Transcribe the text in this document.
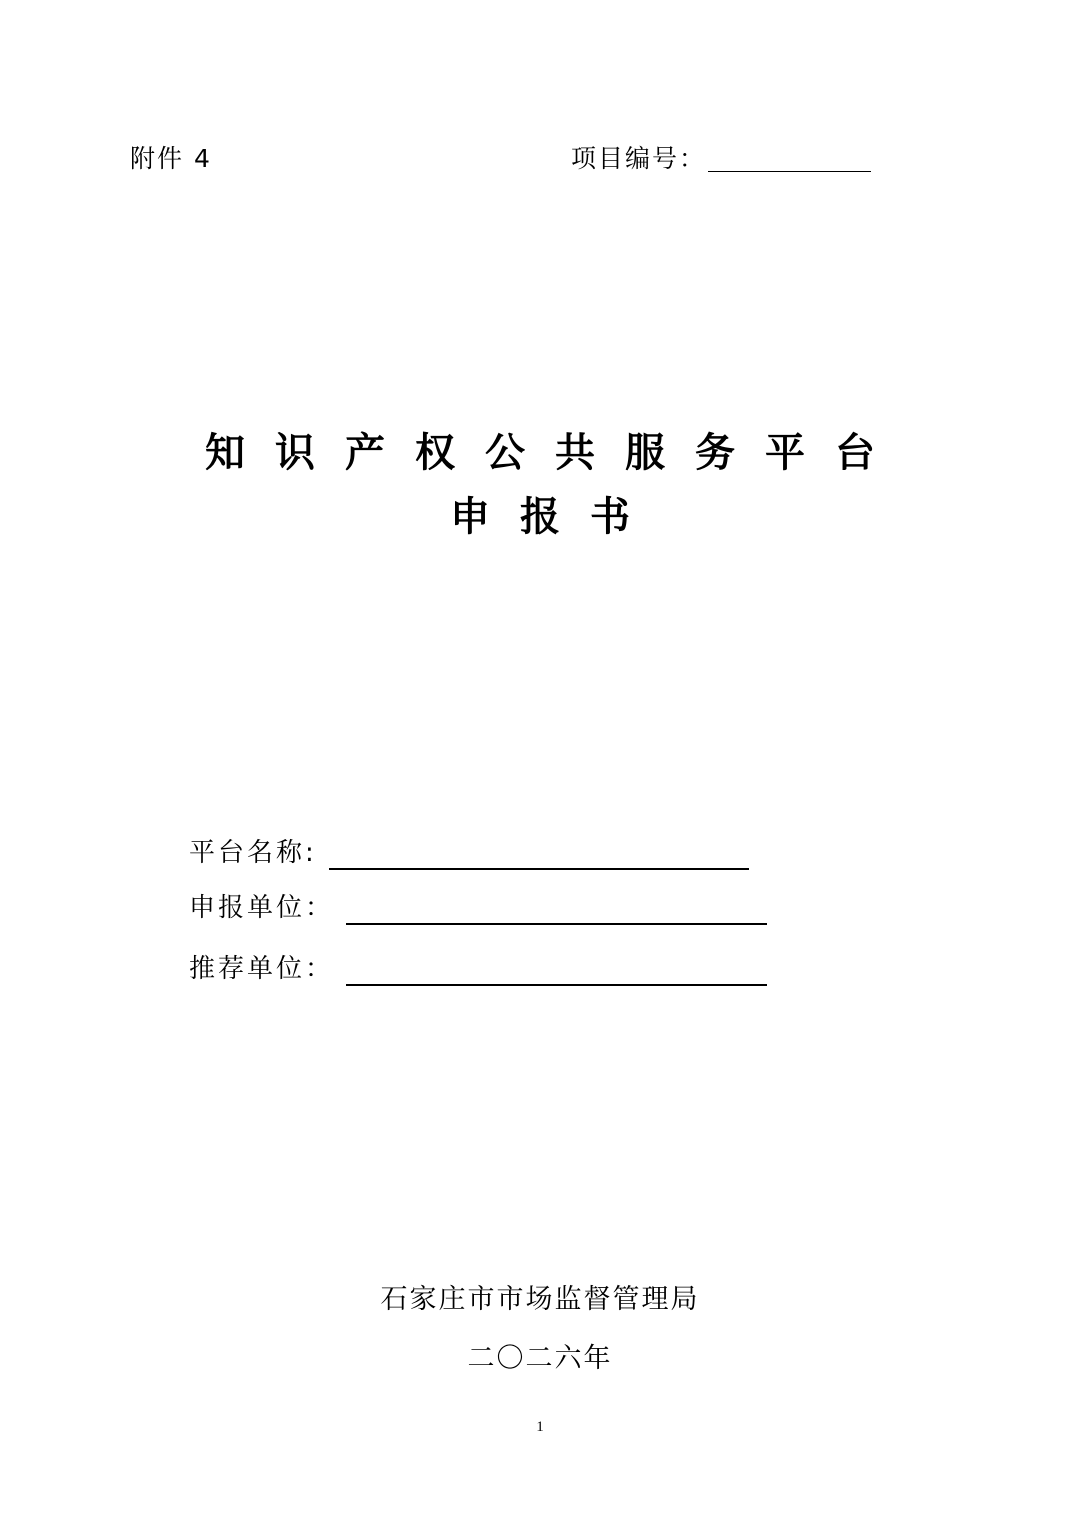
附件 4	项目编号：
知识产权公共服务平台
申报书
平台名称:
申报单位：
推荐单位：
石家庄市市场监督管理局
二〇二六年
1
